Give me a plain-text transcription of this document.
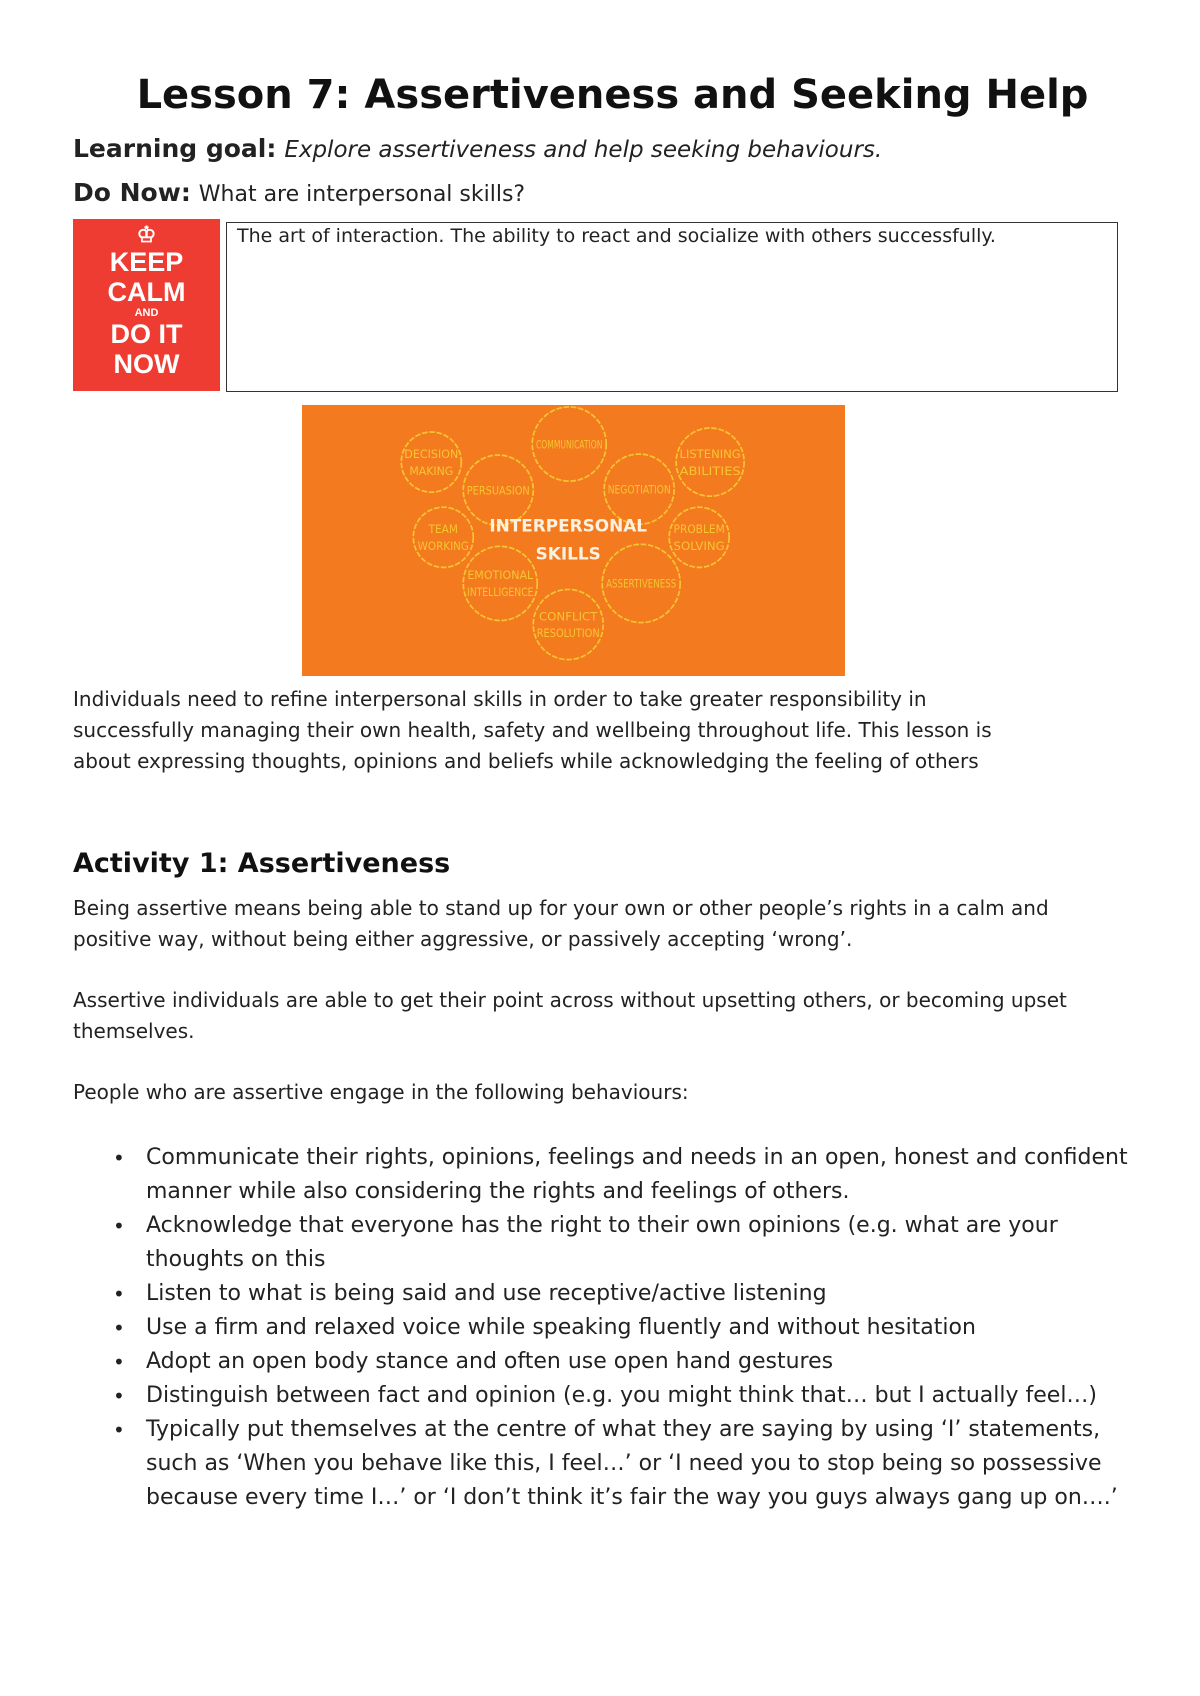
Lesson 7: Assertiveness and Seeking Help
Learning goal: Explore assertiveness and help seeking behaviours.
Do Now: What are interpersonal skills?
♔
KEEP
CALM
AND
DO IT
NOW
The art of interaction. The ability to react and socialize with others successfully.
COMMUNICATION
DECISION
MAKING
PERSUASION	NEGOTIATION
LISTENING
ABILITIES
TEAM
WORKING
PROBLEM
SOLVING
EMOTIONAL
INTELLIGENCE
ASSERTIVENESS
CONFLICT
RESOLUTION
INTERPERSONAL
SKILLS
Individuals need to refine interpersonal skills in order to take greater responsibility in successfully managing their own health, safety and wellbeing throughout life. This lesson is about expressing thoughts, opinions and beliefs while acknowledging the feeling of others
Activity 1: Assertiveness
Being assertive means being able to stand up for your own or other people’s rights in a calm and positive way, without being either aggressive, or passively accepting ‘wrong’.
Assertive individuals are able to get their point across without upsetting others, or becoming upset themselves.
People who are assertive engage in the following behaviours:
• Communicate their rights, opinions, feelings and needs in an open, honest and confident manner while also considering the rights and feelings of others.
• Acknowledge that everyone has the right to their own opinions (e.g. what are your thoughts on this
• Listen to what is being said and use receptive/active listening
• Use a firm and relaxed voice while speaking fluently and without hesitation
• Adopt an open body stance and often use open hand gestures
• Distinguish between fact and opinion (e.g. you might think that… but I actually feel…)
• Typically put themselves at the centre of what they are saying by using ‘I’ statements, such as ‘When you behave like this, I feel…’ or ‘I need you to stop being so possessive because every time I…’ or ‘I don’t think it’s fair the way you guys always gang up on….’
